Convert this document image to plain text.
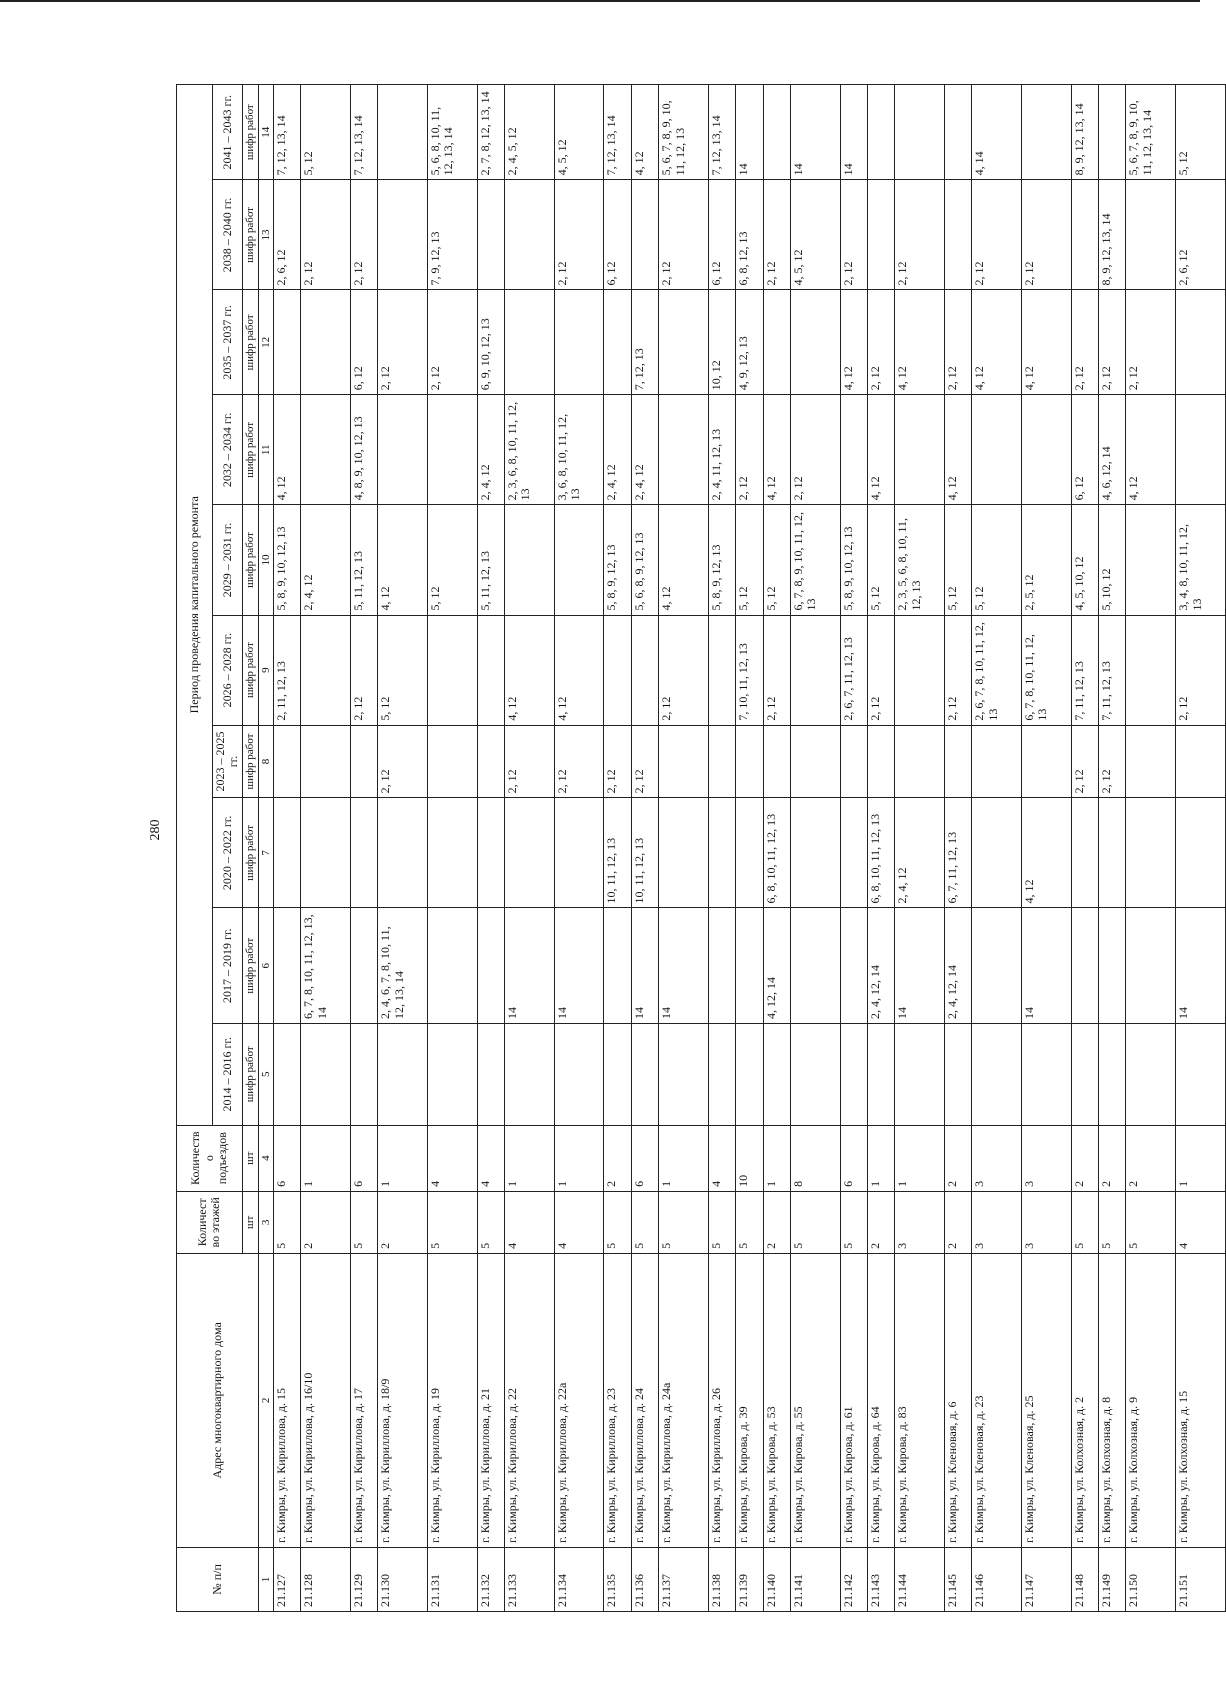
280
№ п/п	Адрес многоквартирного дома	Количество этажей	Количество подъездов	Период проведения капитального ремонта									
				2014 – 2016 гг.	2017 – 2019 гг.	2020 – 2022 гг.	2023 – 2025 гг.	2026 – 2028 гг.	2029 – 2031 гг.	2032 – 2034 гг.	2035 – 2037 гг.	2038 – 2040 гг.	2041 – 2043 гг.
		шт	шт	шифр работ	шифр работ	шифр работ	шифр работ	шифр работ	шифр работ	шифр работ	шифр работ	шифр работ	шифр работ
1	2	3	4	5	6	7	8	9	10	11	12	13	14
21.127	г. Кимры, ул. Кириллова, д. 15	5	6					2, 11, 12, 13	5, 8, 9, 10, 12, 13	4, 12		2, 6, 12	7, 12, 13, 14
21.128	г. Кимры, ул. Кириллова, д. 16/10	2	1		6, 7, 8, 10, 11, 12, 13, 14				2, 4, 12			2, 12	5, 12
21.129	г. Кимры, ул. Кириллова, д. 17	5	6					2, 12	5, 11, 12, 13	4, 8, 9, 10, 12, 13	6, 12	2, 12	7, 12, 13, 14
21.130	г. Кимры, ул. Кириллова, д. 18/9	2	1		2, 4, 6, 7, 8, 10, 11, 12, 13, 14		2, 12	5, 12	4, 12		2, 12		
21.131	г. Кимры, ул. Кириллова, д. 19	5	4						5, 12		2, 12	7, 9, 12, 13	5, 6, 8, 10, 11, 12, 13, 14
21.132	г. Кимры, ул. Кириллова, д. 21	5	4						5, 11, 12, 13	2, 4, 12	6, 9, 10, 12, 13		2, 7, 8, 12, 13, 14
21.133	г. Кимры, ул. Кириллова, д. 22	4	1		14		2, 12	4, 12		2, 3, 6, 8, 10, 11, 12, 13			2, 4, 5, 12
21.134	г. Кимры, ул. Кириллова, д. 22а	4	1		14		2, 12	4, 12		3, 6, 8, 10, 11, 12, 13		2, 12	4, 5, 12
21.135	г. Кимры, ул. Кириллова, д. 23	5	2			10, 11, 12, 13	2, 12		5, 8, 9, 12, 13	2, 4, 12		6, 12	7, 12, 13, 14
21.136	г. Кимры, ул. Кириллова, д. 24	5	6		14	10, 11, 12, 13	2, 12		5, 6, 8, 9, 12, 13	2, 4, 12	7, 12, 13		4, 12
21.137	г. Кимры, ул. Кириллова, д. 24а	5	1		14			2, 12	4, 12			2, 12	5, 6, 7, 8, 9, 10, 11, 12, 13
21.138	г. Кимры, ул. Кириллова, д. 26	5	4						5, 8, 9, 12, 13	2, 4, 11, 12, 13	10, 12	6, 12	7, 12, 13, 14
21.139	г. Кимры, ул. Кирова, д. 39	5	10					7, 10, 11, 12, 13	5, 12	2, 12	4, 9, 12, 13	6, 8, 12, 13	14
21.140	г. Кимры, ул. Кирова, д. 53	2	1		4, 12, 14	6, 8, 10, 11, 12, 13		2, 12	5, 12	4, 12		2, 12	
21.141	г. Кимры, ул. Кирова, д. 55	5	8						6, 7, 8, 9, 10, 11, 12, 13	2, 12		4, 5, 12	14
21.142	г. Кимры, ул. Кирова, д. 61	5	6					2, 6, 7, 11, 12, 13	5, 8, 9, 10, 12, 13		4, 12	2, 12	14
21.143	г. Кимры, ул. Кирова, д. 64	2	1		2, 4, 12, 14	6, 8, 10, 11, 12, 13		2, 12	5, 12	4, 12	2, 12		
21.144	г. Кимры, ул. Кирова, д. 83	3	1		14	2, 4, 12			2, 3, 5, 6, 8, 10, 11, 12, 13		4, 12	2, 12	
21.145	г. Кимры, ул. Кленовая, д. 6	2	2		2, 4, 12, 14	6, 7, 11, 12, 13		2, 12	5, 12	4, 12	2, 12		
21.146	г. Кимры, ул. Кленовая, д. 23	3	3					2, 6, 7, 8, 10, 11, 12, 13	5, 12		4, 12	2, 12	4, 14
21.147	г. Кимры, ул. Кленовая, д. 25	3	3		14	4, 12		6, 7, 8, 10, 11, 12, 13	2, 5, 12		4, 12	2, 12	
21.148	г. Кимры, ул. Колхозная, д. 2	5	2				2, 12	7, 11, 12, 13	4, 5, 10, 12	6, 12	2, 12		8, 9, 12, 13, 14
21.149	г. Кимры, ул. Колхозная, д. 8	5	2				2, 12	7, 11, 12, 13	5, 10, 12	4, 6, 12, 14	2, 12	8, 9, 12, 13, 14	
21.150	г. Кимры, ул. Колхозная, д. 9	5	2							4, 12	2, 12		5, 6, 7, 8, 9, 10, 11, 12, 13, 14
21.151	г. Кимры, ул. Колхозная, д. 15	4	1		14			2, 12	3, 4, 8, 10, 11, 12, 13			2, 6, 12	5, 12
